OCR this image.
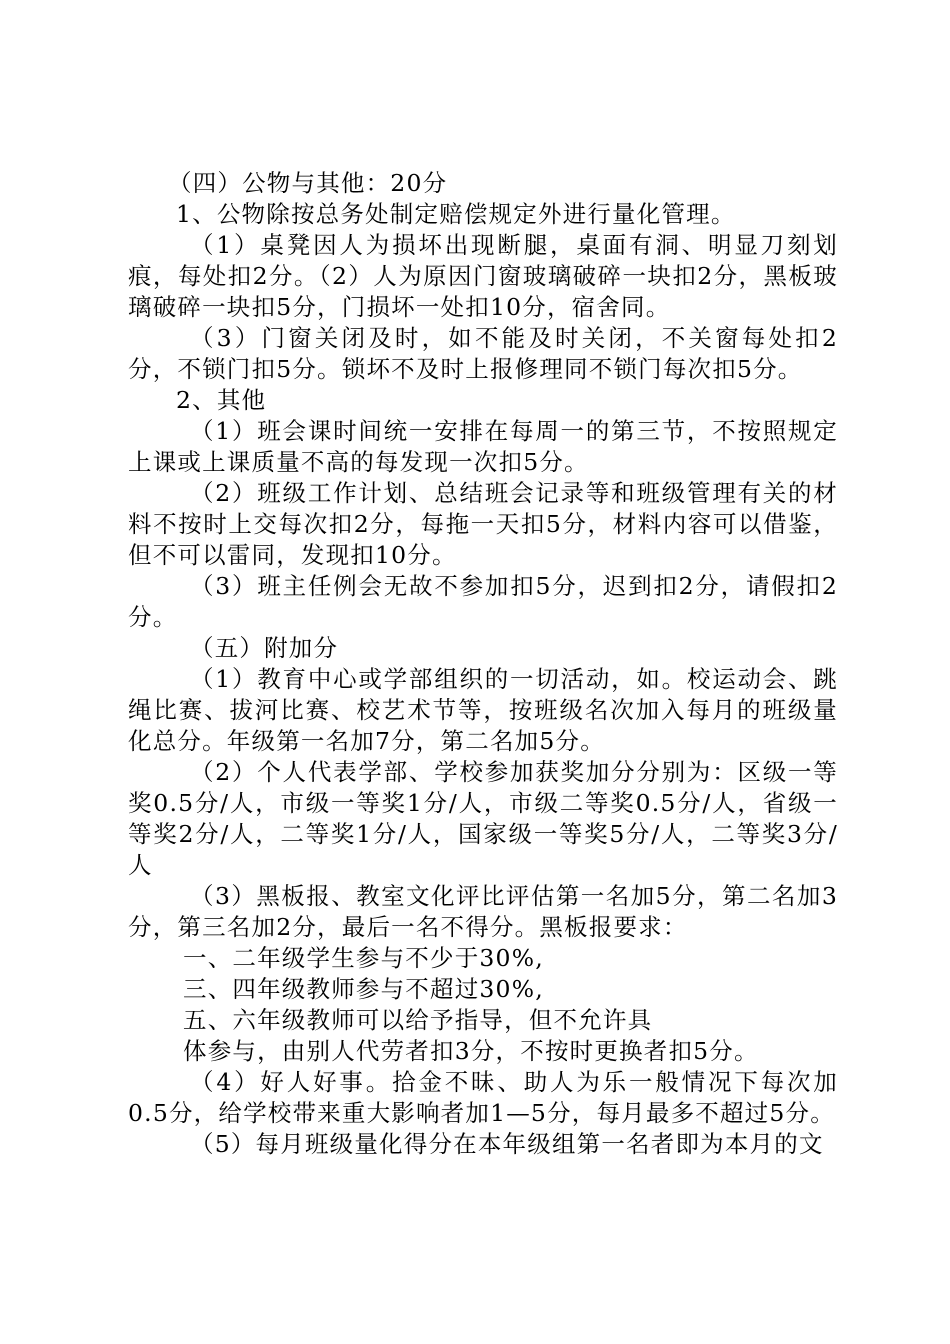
（四）公物与其他：20分

1、公物除按总务处制定赔偿规定外进行量化管理。

（1）桌凳因人为损坏出现断腿，桌面有洞、明显刀刻划痕，每处扣2分。（2）人为原因门窗玻璃破碎一块扣2分，黑板玻璃破碎一块扣5分，门损坏一处扣10分，宿舍同。

（3）门窗关闭及时，如不能及时关闭，不关窗每处扣2分，不锁门扣5分。锁坏不及时上报修理同不锁门每次扣5分。

2、其他

（1）班会课时间统一安排在每周一的第三节，不按照规定上课或上课质量不高的每发现一次扣5分。

（2）班级工作计划、总结班会记录等和班级管理有关的材料不按时上交每次扣2分，每拖一天扣5分，材料内容可以借鉴，但不可以雷同，发现扣10分。

（3）班主任例会无故不参加扣5分，迟到扣2分，请假扣2分。

（五）附加分

（1）教育中心或学部组织的一切活动，如。校运动会、跳绳比赛、拔河比赛、校艺术节等，按班级名次加入每月的班级量化总分。年级第一名加7分，第二名加5分。

（2）个人代表学部、学校参加获奖加分分别为：区级一等奖0.5分/人，市级一等奖1分/人，市级二等奖0.5分/人，省级一等奖2分/人，二等奖1分/人，国家级一等奖5分/人，二等奖3分/人

（3）黑板报、教室文化评比评估第一名加5分，第二名加3分，第三名加2分，最后一名不得分。黑板报要求：

一、二年级学生参与不少于30%,

三、四年级教师参与不超过30%,

五、六年级教师可以给予指导，但不允许具

体参与，由别人代劳者扣3分，不按时更换者扣5分。

（4）好人好事。拾金不昧、助人为乐一般情况下每次加0.5分，给学校带来重大影响者加1—5分，每月最多不超过5分。

（5）每月班级量化得分在本年级组第一名者即为本月的文
